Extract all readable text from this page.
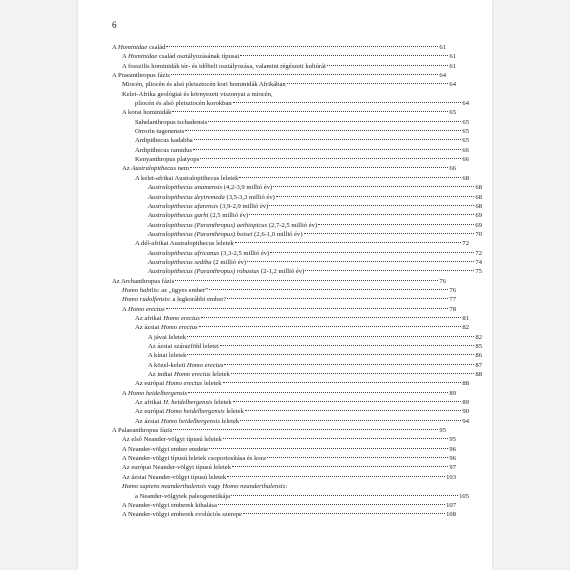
6
A Hominidae család	61
A Hominidae család osztályozásának típusai	61
A fosszilis hominidák tér- és időbeli osztályozása, valamint régészeti kultúrái	61
A Praeanthropus fázis	64
Miocén, pliocén és alsó pleisztocén kori hominidák Afrikában	64
Kelet-Afrika geológiai és környezeti viszonyai a miocén,
pliocén és alsó pleisztocén korokban	64
A korai hominidák	65
Sahelanthropus tschadensis	65
Orrorin tugenensis	65
Ardipithecus kadabba	65
Ardipithecus ramidus	66
Kenyanthropus platyops	66
Az Australopithecus nem	66
A kelet-afrikai Australopithecus leletek	68
Australopithecus anamensis (4,2-3,9 millió év)	68
Australopithecus deyiremeda (3,5-3,3 millió év)	68
Australopithecus afarensis (3,9-2,9 millió év)	68
Australopithecus garhi (2,5 millió év)	69
Australopithecus (Paranthropus) aethiopicus (2,7-2,5 millió év)	69
Australopithecus (Paranthropus) boisei (2,6-1,0 millió év)	70
A dél-afrikai Australopithecus leletek	72
Australopithecus africanus (3,3-2,5 millió év)	72
Australopithecus sediba (2 millió év)	74
Australopithecus (Paranthropus) robustus (2-1,2 millió év)	75
Az Archanthropus fázis	76
Homo habilis: az „ügyes ember”	76
Homo rudolfensis: a legkorábbi ember?	77
A Homo erectus	78
Az afrikai Homo erectus	81
Az ázsiai Homo erectus	82
A jávai leletek	82
Az ázsiai szárazföld leletei	85
A kínai leletek	86
A közel-keleti Homo erectus	87
Az indiai Homo erectus leletek	88
Az európai Homo erectus leletek	88
A Homo heidelbergensis	89
Az afrikai H. heidelbergensis leletek	89
Az európai Homo heidelbergensis leletek	90
Az ázsiai Homo heidelbergensis leletek	94
A Palaeanthropus fázis	95
Az első Neander-völgyi típusú leletek	95
A Neander-völgyi ember eredete	96
A Neander-völgyi típusú leletek csoportosítása és kora	96
Az európai Neander-völgyi típusú leletek	97
Az ázsiai Neander-völgyi típusú leletek	103
Homo sapiens neanderthalensis vagy Homo neanderthalensis:
a Neander-völgyiek paleogenetikája	105
A Neander-völgyi emberek kihalása	107
A Neander-völgyi emberek evolúciós szerepe	108
